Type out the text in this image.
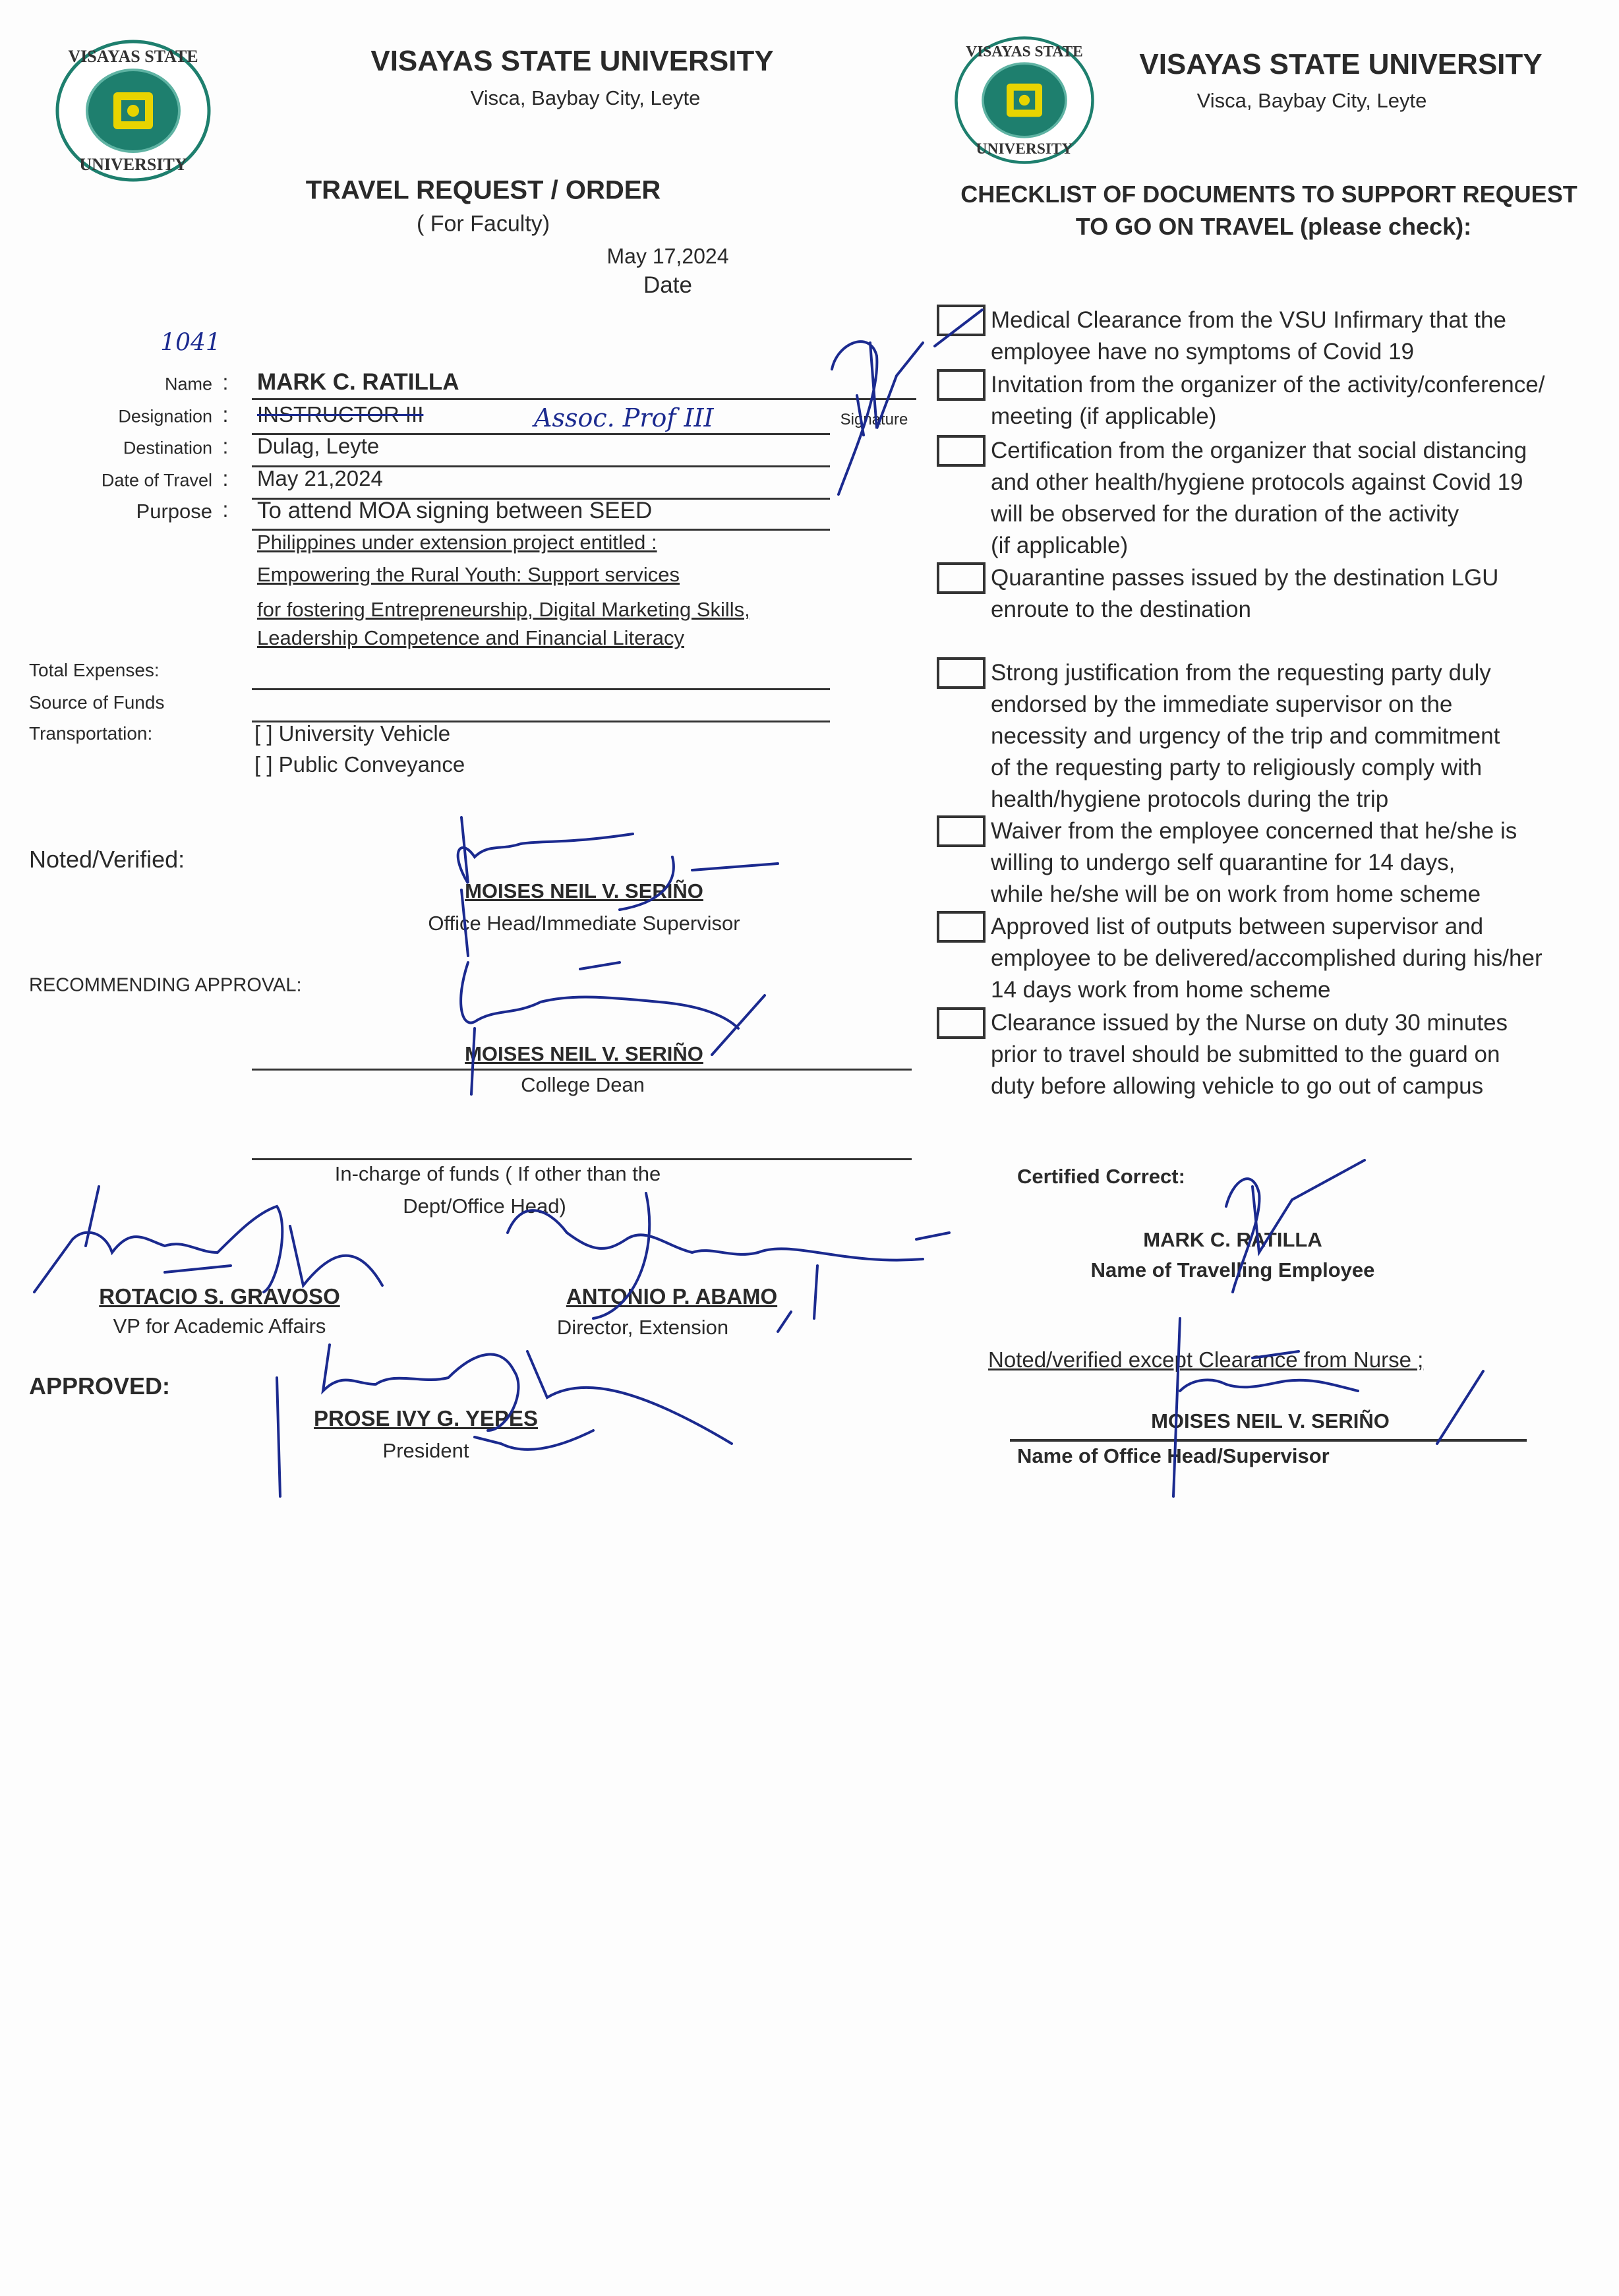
VISAYAS STATE
UNIVERSITY
VISAYAS STATE UNIVERSITY
Visca, Baybay City, Leyte
VISAYAS STATE
UNIVERSITY
VISAYAS STATE UNIVERSITY
Visca, Baybay City, Leyte
TRAVEL REQUEST / ORDER
( For Faculty)
May 17,2024
Date
1041
Name
Designation
Destination
Date of Travel
Purpose
:
:
:
:
:
MARK C. RATILLA
INSTRUCTOR III	Assoc. Prof III
Dulag, Leyte
May 21,2024
To attend MOA signing between SEED
Philippines under extension project entitled :
Empowering the Rural Youth: Support services
for fostering Entrepreneurship, Digital Marketing Skills,
Leadership Competence and Financial Literacy
Signature
Total Expenses:
Source of Funds
Transportation:	[ ] University Vehicle
[ ] Public Conveyance
Noted/Verified:
MOISES NEIL V. SERIÑO
Office Head/Immediate Supervisor
RECOMMENDING APPROVAL:
MOISES NEIL V. SERIÑO
College Dean
In-charge of funds ( If other than the
Dept/Office Head)
ROTACIO S. GRAVOSO
VP for Academic Affairs
ANTONIO P. ABAMO
Director, Extension
APPROVED:
PROSE IVY G. YEPES
President
CHECKLIST OF DOCUMENTS TO SUPPORT REQUEST
TO GO ON TRAVEL (please check):
Medical Clearance from the VSU Infirmary that the
employee have no symptoms of Covid 19
Invitation from the organizer of the activity/conference/
meeting (if applicable)
Certification from the organizer that social distancing
and other health/hygiene protocols against Covid 19
will be observed for the duration of the activity
(if applicable)
Quarantine passes issued by the destination LGU
enroute to the destination
Strong justification from the requesting party duly
endorsed by the immediate supervisor on the
necessity and urgency of the trip and commitment
of the requesting party to religiously comply with
health/hygiene protocols during the trip
Waiver from the employee concerned that he/she is
willing to undergo self quarantine for 14 days,
while he/she will be on work from home scheme
Approved list of outputs between supervisor and
employee to be delivered/accomplished during his/her
14 days work from home scheme
Clearance issued by the Nurse on duty 30 minutes
prior to travel should be submitted to the guard on
duty before allowing vehicle to go out of campus
Certified Correct:
MARK C. RATILLA
Name of Travelling Employee
Noted/verified except Clearance from Nurse ;
MOISES NEIL V. SERIÑO
Name of Office Head/Supervisor
